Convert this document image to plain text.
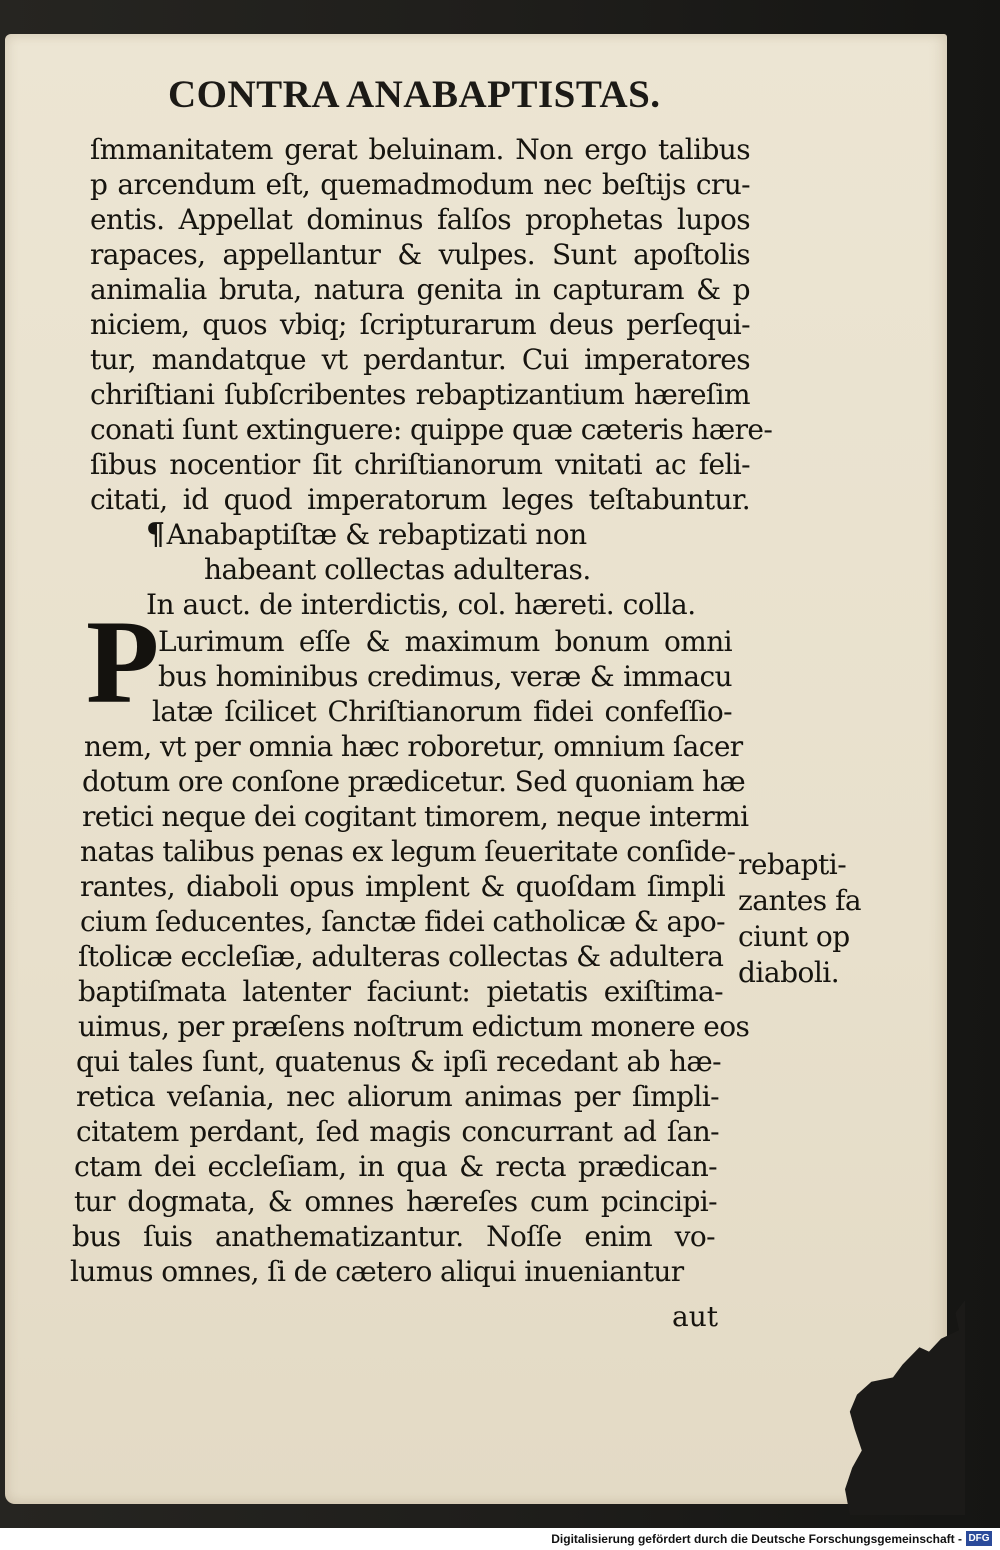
CONTRA ANABAPTISTAS.
ſmmanitatem gerat beluinam. Non ergo talibus
p arcendum eſt, quemadmodum nec beſtijs cru-
entis. Appellat dominus falſos prophetas lupos
rapaces, appellantur & vulpes. Sunt apoſtolis
animalia bruta, natura genita in capturam & p
niciem, quos vbiq; ſcripturarum deus perſequi-
tur, mandatque vt perdantur. Cui imperatores
chriſtiani ſubſcribentes rebaptizantium hæreſim
conati ſunt extinguere: quippe quæ cæteris hære-
ſibus nocentior ſit chriſtianorum vnitati ac feli-
citati, id quod imperatorum leges teſtabuntur.
¶Anabaptiſtæ & rebaptizati non
habeant collectas adulteras.
In auct. de interdictis, col. hæreti. colla.
P
Lurimum eſſe & maximum bonum omni
bus hominibus credimus, veræ & immacu
latæ ſcilicet Chriſtianorum fidei confeſſio-
nem, vt per omnia hæc roboretur, omnium ſacer
dotum ore conſone prædicetur. Sed quoniam hæ
retici neque dei cogitant timorem, neque intermi
natas talibus penas ex legum ſeueritate conſide-
rantes, diaboli opus implent & quoſdam ſimpli
cium ſeducentes, ſanctæ fidei catholicæ & apo-
ſtolicæ eccleſiæ, adulteras collectas & adultera
baptiſmata latenter faciunt: pietatis exiſtima-
uimus, per præſens noſtrum edictum monere eos
qui tales ſunt, quatenus & ipſi recedant ab hæ-
retica veſania, nec aliorum animas per ſimpli-
citatem perdant, ſed magis concurrant ad ſan-
ctam dei eccleſiam, in qua & recta prædican-
tur dogmata, & omnes hæreſes cum pcincipi-
bus ſuis anathematizantur. Noſſe enim vo-
lumus omnes, ſi de cætero aliqui inueniantur
aut
rebapti-
zantes fa
ciunt op
diaboli.
Digitalisierung gefördert durch die Deutsche Forschungsgemeinschaft - DFG
